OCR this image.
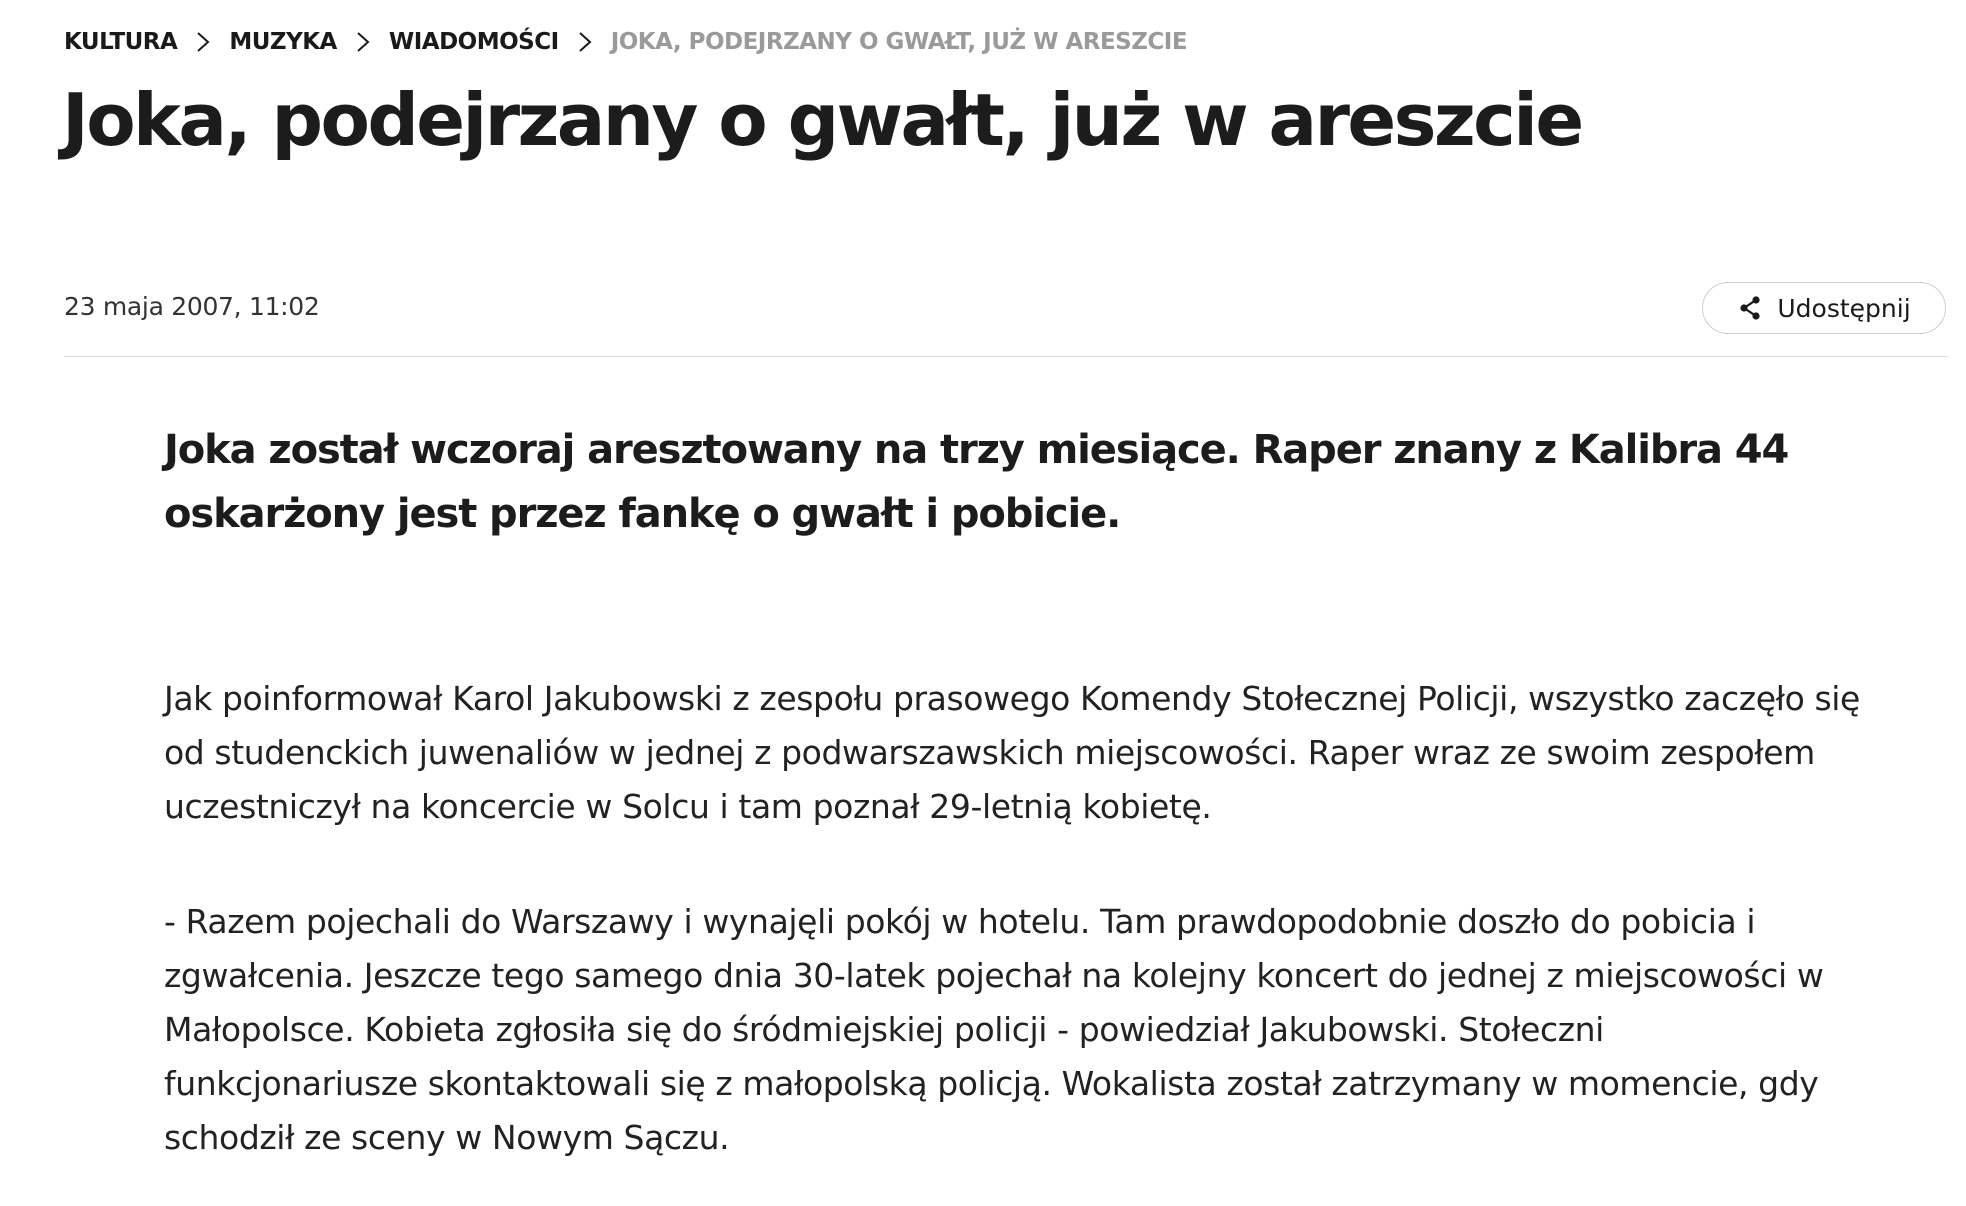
KULTURA MUZYKA WIADOMOŚCI JOKA, PODEJRZANY O GWAŁT, JUŻ W ARESZCIE
Joka, podejrzany o gwałt, już w areszcie
23 maja 2007, 11:02	Udostępnij

Joka został wczoraj aresztowany na trzy miesiące. Raper znany z Kalibra 44 oskarżony jest przez fankę o gwałt i pobicie.

Jak poinformował Karol Jakubowski z zespołu prasowego Komendy Stołecznej Policji, wszystko zaczęło się od studenckich juwenaliów w jednej z podwarszawskich miejscowości. Raper wraz ze swoim zespołem uczestniczył na koncercie w Solcu i tam poznał 29-letnią kobietę.

- Razem pojechali do Warszawy i wynajęli pokój w hotelu. Tam prawdopodobnie doszło do pobicia i zgwałcenia. Jeszcze tego samego dnia 30-latek pojechał na kolejny koncert do jednej z miejscowości w Małopolsce. Kobieta zgłosiła się do śródmiejskiej policji - powiedział Jakubowski. Stołeczni funkcjonariusze skontaktowali się z małopolską policją. Wokalista został zatrzymany w momencie, gdy schodził ze sceny w Nowym Sączu.
